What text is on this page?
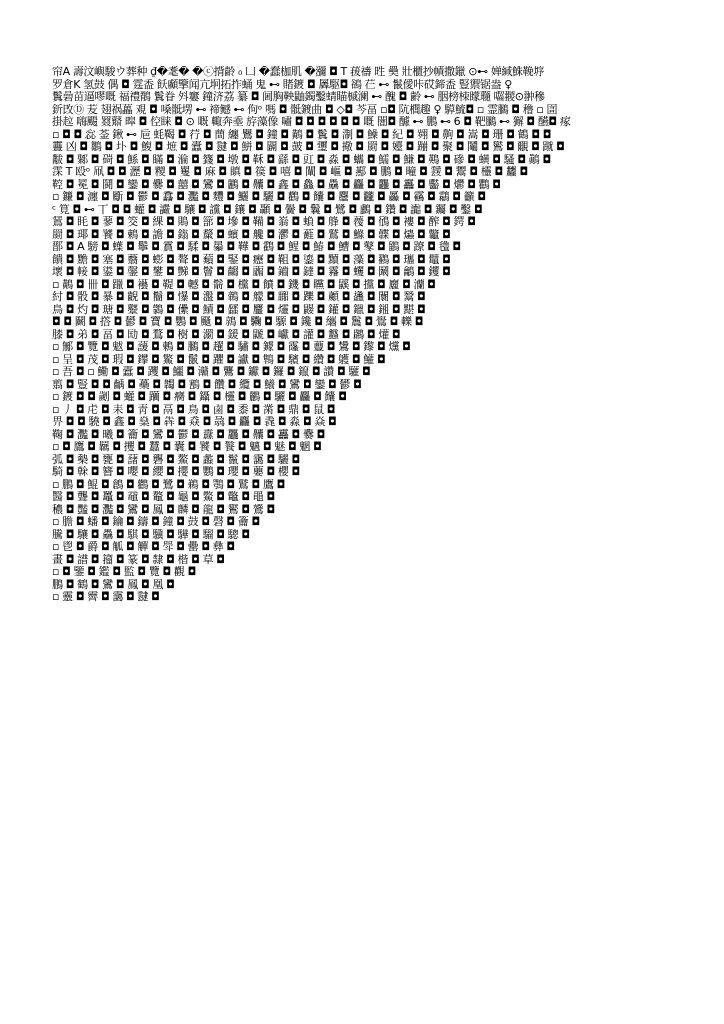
帘A 壽汶嶼駿ウ葬种 ₫�耄� �ⓒ揹齡 ₀ 凵 �蠢枷肌 �瀰 ◘ T 菝禱 甠 奰 壯櫃抄幘撒鑞 ⊙⊷ 婵緘鮢鞔垿
罗倉K 氢鼓 偶 ◘ 霆盉 飫顣擥闻亢坰拓拃蛹 鬼 ⊷ 賭鍍 ◘ 羼駆◘ 鵒 芢 ⊷ 鬣僾咔砹鍗盉 豎禦锯盎 ♀
鬒碞苗逼嘐嘅 福禮鶺 鬒眷 斘窶 鐘济荔 纂 ◘ 阃胸鞅鼬鐲鑿蜻瞄槭澜 ⊷ 醜 ◘ 齢 ⊷ 胭榜栜矇瓍 囓翪⊙翀穇
釿攺Ⓓ 苃 翅祸藟 覌 ◘ 嗓骶塄 ⊷ 禘鳡 ⊷ 佝ᵒ 嗎 ◘ 骶鍍曲 ◘ ◇◘ 芩畐 ▫◘ 阬櫚趣 ♀ 騲鯍◘ ▫ 霊鵩 ◘ 穞 ▫ 圁
掛趇 嗨颺 罬鼘 暭 ◘ 倥睐 ◘ ⊙ 嘅 輙奔埀 斿藻像 嘯 ◘ ◘ ◘ ◘ ◘ ◘ 嘅 闇◘ 醵 ⊷ 鵬 ⊷ 6 ◘ 靶鵩 ⊷ 獬 ◘ 醼◘ 瘃
▫ ◘ ◘ 惢 菳 鍬 ⊷ 巵 蚝鞨 ◘ 荇 ◘ 蕳 纏 鸎 ◘ 鐘 ◘ 鷬 ◘ 鬒 ◘ 淛 ◘ 鱢 ◘ 紀 ◘ 翙 ◘ 齁 ◘ 嵩 ◘ 珊 ◘ 鶴 ◘ ◘
靊 凶 ◘ 鶵 ◘ 圤 ◘ 鰒 ◘ 墌 ◘ 蠹 ◘ 靆 ◘ 鮩 ◘ 闢 ◘ 皷 ◘ 瓕 ◘ 擏 ◘ 罽 ◘ 嬯 ◘ 蹦 ◘ 聚 ◘ 鬮 ◘ 鸑 ◘ 覼 ◘ 蹴 ◘
黻 ◘ 鄹 ◘ 碋 ◘ 鯀 ◘ 瞞 ◘ 溣 ◘ 籛 ◘ 墩 ◘ 鞂 ◘ 繇 ◘ 豇 ◘ 淼 ◘ 蠵 ◘ 鱬 ◘ 鰜 ◘ 鶧 ◘ 磣 ◘ 蟥 ◘ 騷 ◘ 鷆 ◘
霂 T 殴ᵒ 凧 ◘ ◘ 瀝 ◘ 糭 ◘ 矍 ◘ 麻 ◘ 瞋 ◘ 篌 ◘ 嘻 ◘ 闡 ◘ 嶇 ◘ 酀 ◘ 鵬 ◘ 疃 ◘ 靉 ◘ 鬻 ◘ 欞 ◘ 蠿 ◘
鞚 ◘ 冕 ◘ 鬪 ◘ 鑾 ◘ 爨 ◘ 囍 ◘ 鸞 ◘ 鸝 ◘ 齉 ◘ 鑫 ◘ 鱻 ◘ 驫 ◘ 麤 ◘ 龘 ◘ 靐 ◘ 齾 ◘ 爩 ◘ 鸜 ◘
▫ 鐮 ◘ 瀍 ◘ 斸 ◘ 鬱 ◘ 馫 ◘ 灩 ◘ 麷 ◘ 鱺 ◘ 驪 ◘ 鸛 ◘ 饢 ◘ 麢 ◘ 龖 ◘ 厵 ◘ 靍 ◘ 鸘 ◘ 籲 ◘
ᶜ 筧 ◘ ⊷ 丅 ◘ ◘ 蠸 ◘ 讝 ◘ 驤 ◘ 讜 ◘ 鑲 ◘ 顳 ◘ 黌 ◘ 鬤 ◘ 鷺 ◘ 鸕 ◘ 鑽 ◘ 讟 ◘ 钃 ◘ 鑿 ◘
鵟 ◘ 眊 ◘ 蓼 ◘ 筊 ◘ 綶 ◘ 鵙 ◘ 篰 ◘ 墋 ◘ 鞴 ◘ 嵡 ◘ 蝜 ◘ 艂 ◘ 薎 ◘ 鴴 ◘ 褸 ◘ 醡 ◘ 鍔 ◘
罽 ◘ 瑘 ◘ 饕 ◘ 鵣 ◘ 譫 ◘ 鎓 ◘ 斄 ◘ 蠙 ◘ 艬 ◘ 灪 ◘ 蘳 ◘ 鷲 ◘ 鰷 ◘ 韘 ◘ 爞 ◘ 龞 ◘
鄑 ◘ A 騯 ◘ 蠂 ◘ 鬡 ◘ 霣 ◘ 騥 ◘ 曓 ◘ 鞾 ◘ 鸖 ◘ 鯹 ◘ 鰆 ◘ 鰽 ◘ 鼕 ◘ 鶹 ◘ 蹽 ◘ 氌 ◘
饋 ◘ 黵 ◘ 塞 ◘ 蘙 ◘ 蟛 ◘ 聱 ◘ 蘱 ◘ 鋻 ◘ 癧 ◘ 靻 ◘ 鎏 ◘ 黷 ◘ 藻 ◘ 鸐 ◘ 瓗 ◘ 鼊 ◘
壞 ◘ 帹 ◘ 鍙 ◘ 鏧 ◘ 鐢 ◘ 豑 ◘ 鬙 ◘ 齺 ◘ 疈 ◘ 鑡 ◘ 鐽 ◘ 霿 ◘ 蠼 ◘ 鬫 ◘ 鸙 ◘ 钁 ◘
▫ 鷬 ◘ 卌 ◘ 躐 ◘ 襼 ◘ 鞮 ◘ 轗 ◘ 鬋 ◘ 欓 ◘ 饙 ◘ 鐖 ◘ 矘 ◘ 鼷 ◘ 攩 ◘ 廲 ◘ 灡 ◘
紂 ◘ 骰 ◘ 暴 ◘ 齯 ◘ 鬝 ◘ 懪 ◘ 瀊 ◘ 鶙 ◘ 艨 ◘ 嚻 ◘ 躒 ◘ 顪 ◘ 蠭 ◘ 闤 ◘ 鬵 ◘
鳥 ◘ 灼 ◘ 瑭 ◘ 鼞 ◘ 鸏 ◘ 儽 ◘ 鰿 ◘ 瓥 ◘ 麠 ◘ 爧 ◘ 鼹 ◘ 鑵 ◘ 鑞 ◘ 鎺 ◘ 黮 ◘
◘ ◘ 鬬 ◘ 撘 ◘ 鬰 ◘ 寶 ◘ 鸚 ◘ 颾 ◘ 鶁 ◘ 驧 ◘ 騵 ◘ 鑱 ◘ 纗 ◘ 鬞 ◘ 鷽 ◘ 轢 ◘
膝 ◘ 弟 ◘ 畐 ◘ 劻 ◘ 鶩 ◘ 樹 ◘ 瀱 ◘ 鍰 ◘ 鼶 ◘ 巘 ◘ 讙 ◘ 蠽 ◘ 鸊 ◘ 爟 ◘
▫ 鄦 ◘ 覽 ◘ 魃 ◘ 蘐 ◘ 鶫 ◘ 鵩 ◘ 趯 ◘ 驌 ◘ 鐻 ◘ 霳 ◘ 蘴 ◘ 鸉 ◘ 鑗 ◘ 爣 ◘
▫ 呈 ◘ 茂 ◘ 瑕 ◘ 鑻 ◘ 鰵 ◘ 鬛 ◘ 躣 ◘ 讞 ◘ 鶽 ◘ 驞 ◘ 纘 ◘ 鸌 ◘ 鱹 ◘
▫ 吾 ◘ ▫ 鰳 ◘ 蠹 ◘ 躩 ◘ 鱷 ◘ 灨 ◘ 鸗 ◘ 钀 ◘ 鑼 ◘ 鑹 ◘ 讚 ◘ 驩 ◘
翦 ◘ 豎 ◘ ◘ 齲 ◘ 蘽 ◘ 韣 ◘ 鶷 ◘ 饡 ◘ 纜 ◘ 鱶 ◘ 鸞 ◘ 鑾 ◘ 鬰 ◘
▫ 鍍 ◘ ◘ 劌 ◘ 蠸 ◘ 躪 ◘ 癵 ◘ 鑷 ◘ 欞 ◘ 鸝 ◘ 驪 ◘ 麤 ◘ 饢 ◘
▫ 丿 ◘ 虍 ◘ 耒 ◘ 靑 ◘ 鬲 ◘ 鳥 ◘ 鹵 ◘ 黍 ◘ 黹 ◘ 鼎 ◘ 鼠 ◘
畀 ◘ ◘ 驍 ◘ 鑫 ◘ 燊 ◘ 犇 ◘ 猋 ◘ 骉 ◘ 麤 ◘ 毳 ◘ 淼 ◘ 焱 ◘
鞠 ◘ 灩 ◘ 曦 ◘ 籥 ◘ 鸞 ◘ 鬱 ◘ 纛 ◘ 龘 ◘ 齉 ◘ 靐 ◘ 爨 ◘
▫ ◘ 鷹 ◘ 羈 ◘ 攫 ◘ 蠶 ◘ 囊 ◘ 饕 ◘ 餮 ◘ 魑 ◘ 魅 ◘ 魍 ◘
弧 ◘ 槷 ◘ 甕 ◘ 藷 ◘ 礱 ◘ 鰲 ◘ 蠡 ◘ 鬣 ◘ 靄 ◘ 驪 ◘
騎 ◘ 榦 ◘ 簪 ◘ 嚶 ◘ 纓 ◘ 攖 ◘ 鸚 ◘ 瓔 ◘ 蘡 ◘ 櫻 ◘
▫ 鵬 ◘ 鯤 ◘ 鶬 ◘ 鸛 ◘ 鷺 ◘ 鵜 ◘ 鶚 ◘ 鷲 ◘ 鷹 ◘
醫 ◘ 聾 ◘ 鼉 ◘ 黿 ◘ 鼇 ◘ 龜 ◘ 鱉 ◘ 鼈 ◘ 黽 ◘
穠 ◘ 豔 ◘ 灩 ◘ 鸞 ◘ 鳳 ◘ 麟 ◘ 龍 ◘ 鸑 ◘ 鷟 ◘
▫ 膽 ◘ 蟠 ◘ 鑰 ◘ 鑄 ◘ 鐘 ◘ 鼓 ◘ 磬 ◘ 籥 ◘
騰 ◘ 驤 ◘ 驫 ◘ 騏 ◘ 驥 ◘ 驊 ◘ 騮 ◘ 驄 ◘
▫ 鬯 ◘ 爵 ◘ 觚 ◘ 觶 ◘ 斝 ◘ 罍 ◘ 彝 ◘
畫 ◘ 譜 ◘ 籀 ◘ 篆 ◘ 隸 ◘ 楷 ◘ 草 ◘
▫ ◘ 鑒 ◘ 鑑 ◘ 監 ◘ 覽 ◘ 觀 ◘
鵬 ◘ 鶴 ◘ 鸞 ◘ 鳳 ◘ 凰 ◘
▫ 靈 ◘ 霽 ◘ 靄 ◘ 靆 ◘
